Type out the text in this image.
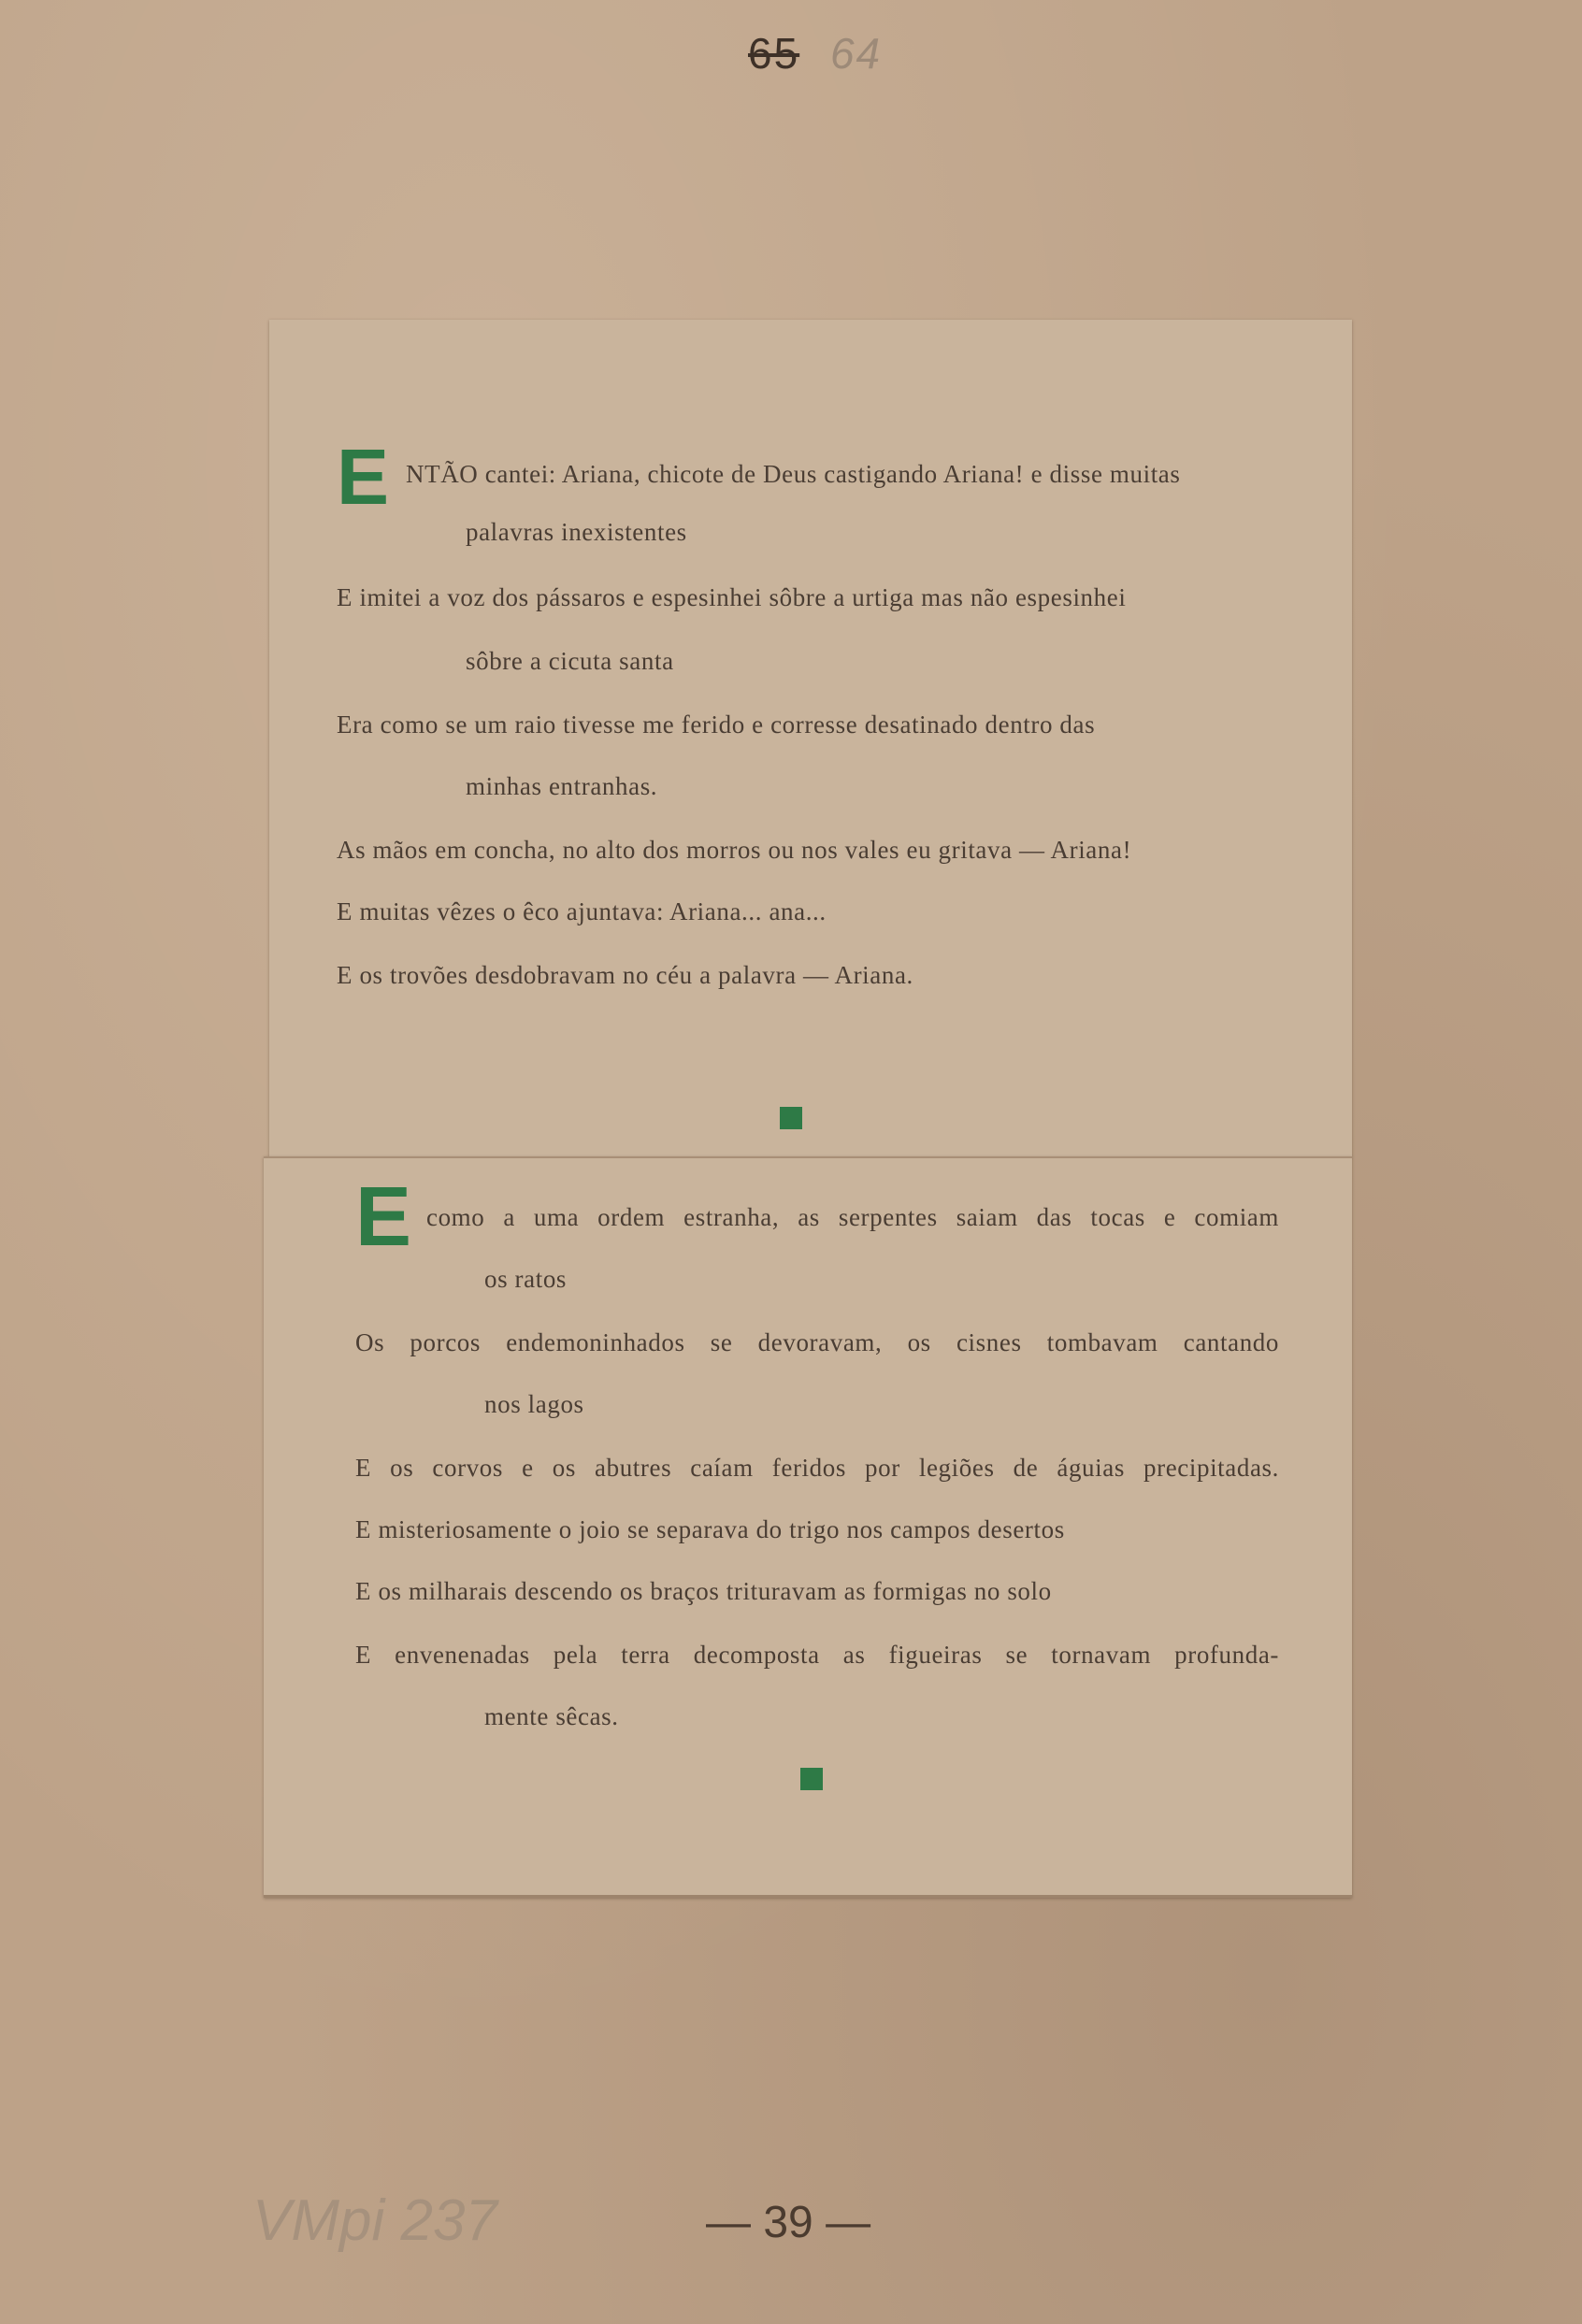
65 64
E NTÃO cantei: Ariana, chicote de Deus castigando Ariana! e disse muitas
palavras inexistentes
E imitei a voz dos pássaros e espesinhei sôbre a urtiga mas não espesinhei
sôbre a cicuta santa
Era como se um raio tivesse me ferido e corresse desatinado dentro das
minhas entranhas.
As mãos em concha, no alto dos morros ou nos vales eu gritava — Ariana!
E muitas vêzes o êco ajuntava: Ariana... ana...
E os trovões desdobravam no céu a palavra — Ariana.
E como a uma ordem estranha, as serpentes saiam das tocas e comiam
os ratos
Os porcos endemoninhados se devoravam, os cisnes tombavam cantando
nos lagos
E os corvos e os abutres caíam feridos por legiões de águias precipitadas.
E misteriosamente o joio se separava do trigo nos campos desertos
E os milharais descendo os braços trituravam as formigas no solo
E envenenadas pela terra decomposta as figueiras se tornavam profunda-
mente sêcas.
VMpi 237	— 39 —
